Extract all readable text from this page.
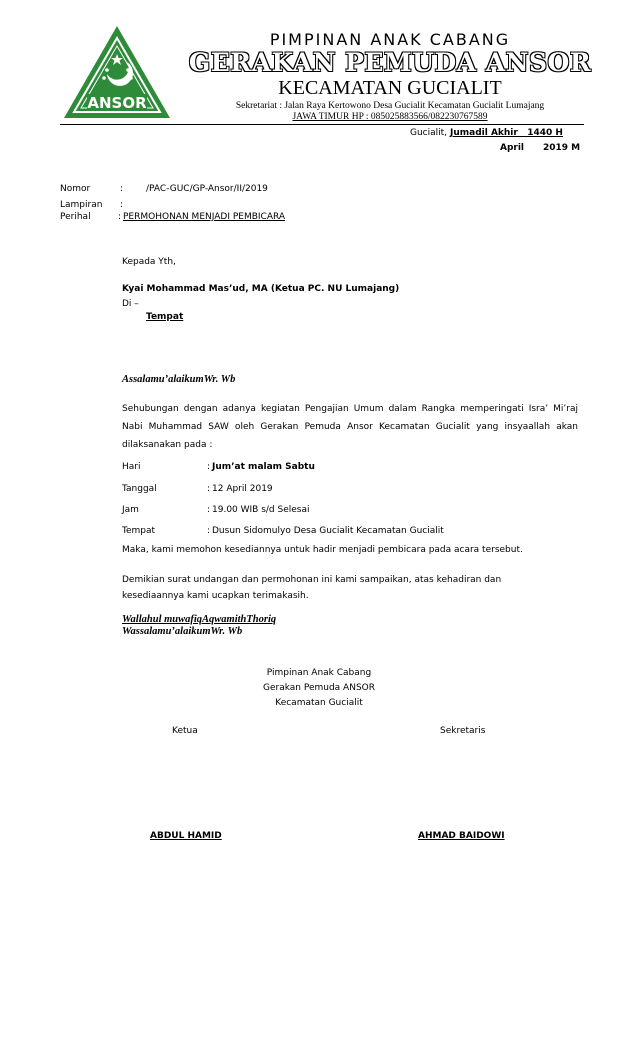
ANSOR
PIMPINAN ANAK CABANG
GERAKAN PEMUDA ANSOR
KECAMATAN GUCIALIT
Sekretariat : Jalan Raya Kertowono Desa Gucialit Kecamatan Gucialit Lumajang
JAWA TIMUR HP : 085025883566/082230767589
Gucialit, Jumadil Akhir   1440 H
April 2019 M
Nomor	:	/PAC-GUC/GP-Ansor/II/2019
Lampiran :
Perihal	: PERMOHONAN MENJADI PEMBICARA
Kepada Yth,
Kyai Mohammad Mas’ud, MA (Ketua PC. NU Lumajang)
Di –
Tempat
Assalamu’alaikumWr. Wb
Sehubungan dengan adanya kegiatan Pengajian Umum dalam Rangka memperingati Isra’ Mi’raj Nabi Muhammad SAW oleh Gerakan Pemuda Ansor Kecamatan Gucialit yang insyaallah akan dilaksanakan pada :
Hari	: Jum’at malam Sabtu
Tanggal	: 12 April 2019
Jam	: 19.00 WIB s/d Selesai
Tempat	: Dusun Sidomulyo Desa Gucialit Kecamatan Gucialit
Maka, kami memohon kesediannya untuk hadir menjadi pembicara pada acara tersebut.
Demikian surat undangan dan permohonan ini kami sampaikan, atas kehadiran dan kesediaannya kami ucapkan terimakasih.
Wallahul muwafiqAqwamithThoriq
Wassalamu’alaikumWr. Wb
Pimpinan Anak Cabang
Gerakan Pemuda ANSOR
Kecamatan Gucialit
Ketua	Sekretaris
ABDUL HAMID	AHMAD BAIDOWI
